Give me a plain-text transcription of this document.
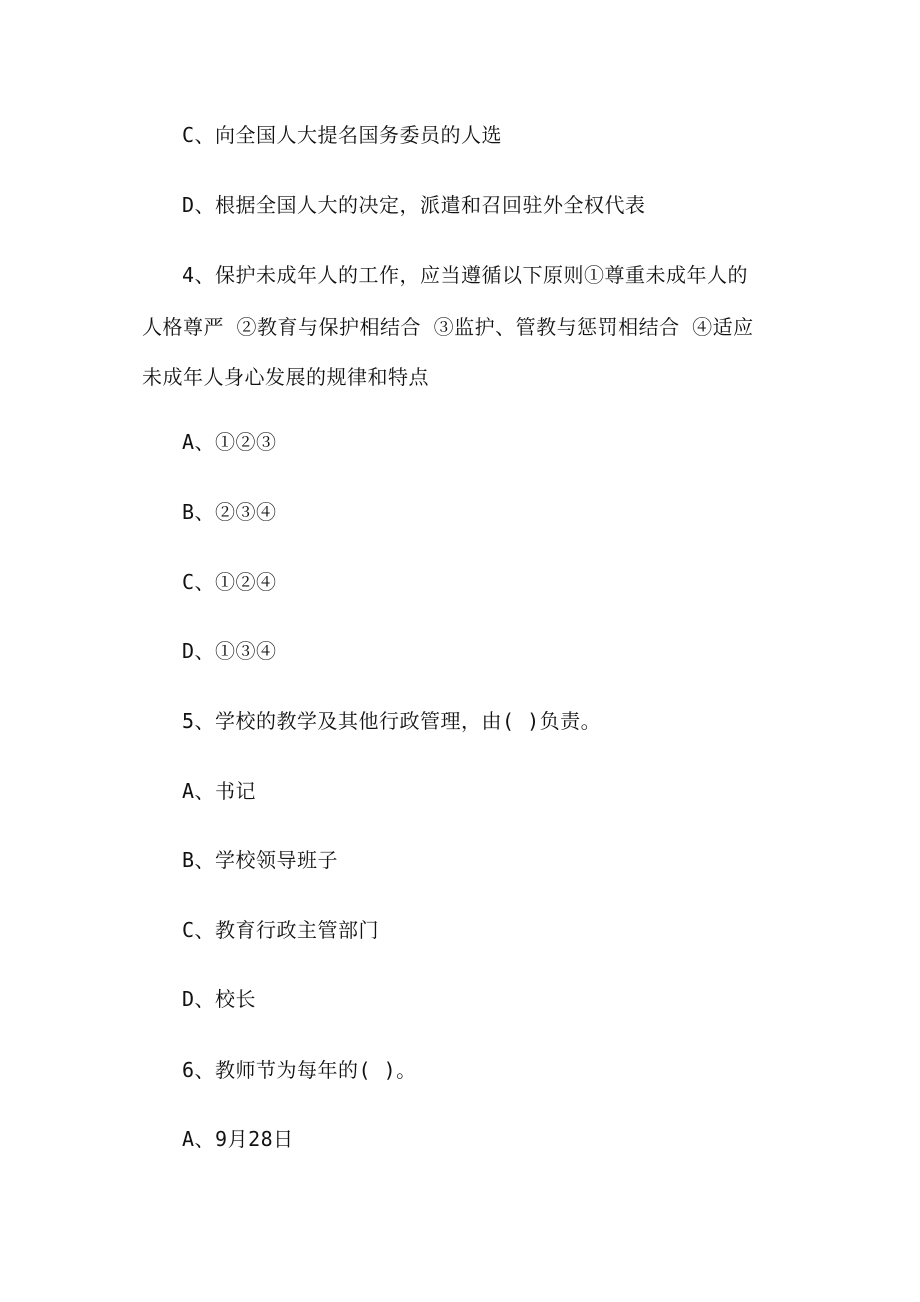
C、向全国人大提名国务委员的人选
D、根据全国人大的决定，派遣和召回驻外全权代表
4、保护未成年人的工作，应当遵循以下原则①尊重未成年人的
人格尊严 ②教育与保护相结合 ③监护、管教与惩罚相结合 ④适应
未成年人身心发展的规律和特点
A、①②③
B、②③④
C、①②④
D、①③④
5、学校的教学及其他行政管理，由( )负责。
A、书记
B、学校领导班子
C、教育行政主管部门
D、校长
6、教师节为每年的( )。
A、9月28日
